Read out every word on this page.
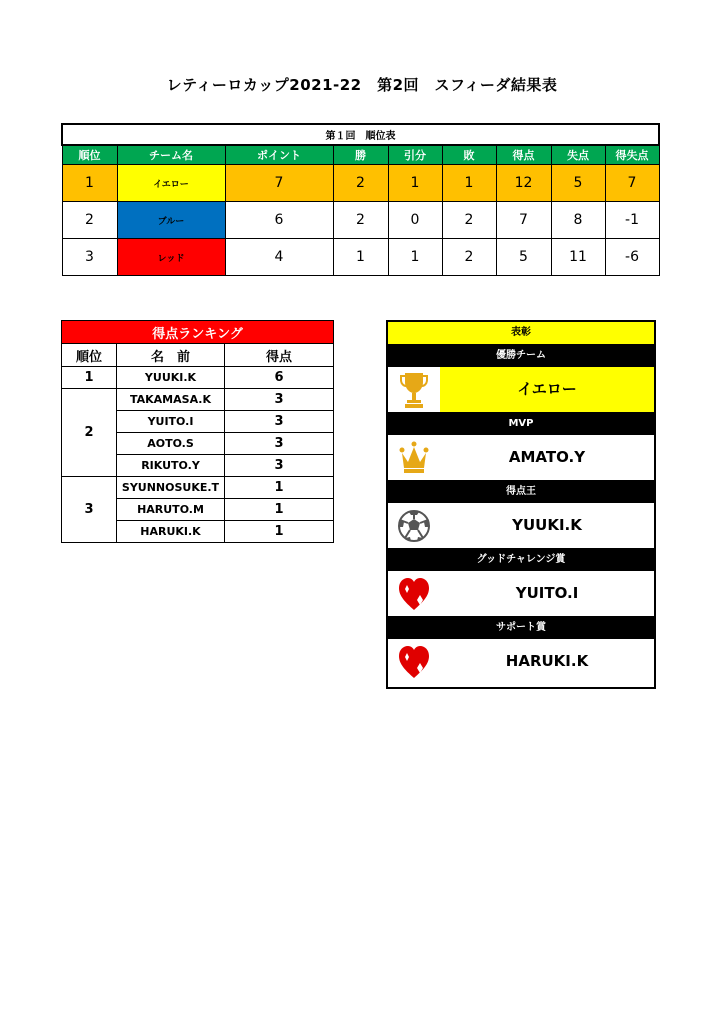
レティーロカップ2021-22　第2回　スフィーダ結果表
第１回　順位表								
順位	チーム名	ポイント	勝	引分	敗	得点	失点	得失点
1	イエロー	7	2	1	1	12	5	7
2	ブルー	6	2	0	2	7	8	-1
3	レッド	4	1	1	2	5	11	-6
得点ランキング		
順位	名　前	得点
1	YUUKI.K	6
2	TAKAMASA.K	3
	YUITO.I	3
	AOTO.S	3
	RIKUTO.Y	3
3	SYUNNOSUKE.T	1
	HARUTO.M	1
	HARUKI.K	1
表彰
優勝チーム
イエロー
MVP
AMATO.Y
得点王
YUUKI.K
グッドチャレンジ賞
YUITO.I
サポート賞
HARUKI.K
